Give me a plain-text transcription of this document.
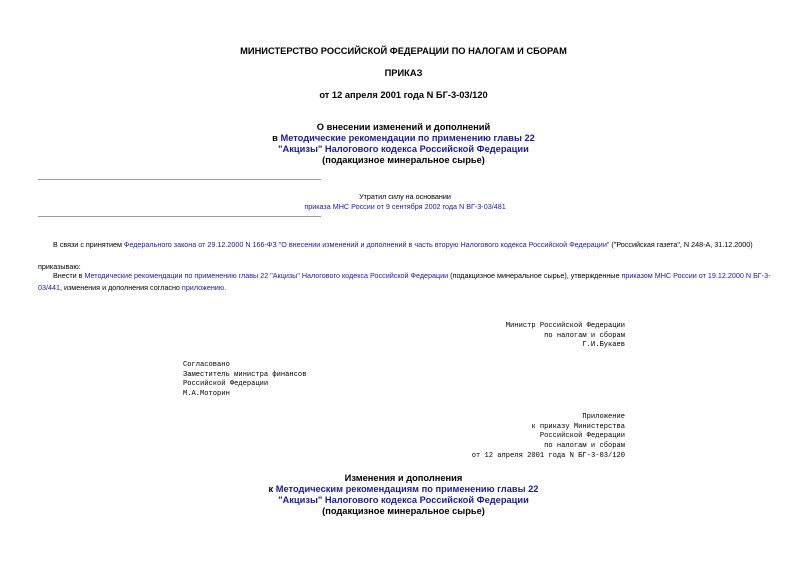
МИНИСТЕРСТВО РОССИЙСКОЙ ФЕДЕРАЦИИ ПО НАЛОГАМ И СБОРАМ
ПРИКАЗ
от 12 апреля 2001 года N БГ-3-03/120
О внесении изменений и дополнений
в Методические рекомендации по применению главы 22
"Акцизы" Налогового кодекса Российской Федерации
(подакцизное минеральное сырье)
Утратил силу на основании
приказа МНС России от 9 сентября 2002 года N ВГ-3-03/481
В связи с принятием Федерального закона от 29.12.2000 N 166-ФЗ "О внесении изменений и дополнений в часть вторую Налогового кодекса Российской Федерации" ("Российская газета", N 248-А, 31.12.2000)
приказываю:
Внести в Методические рекомендации по применению главы 22 "Акцизы" Налогового кодекса Российской Федерации (подакцизное минеральное сырье), утвержденные приказом МНС России от 19.12.2000 N БГ-3-03/441, изменения и дополнения согласно приложению.
Министр Российской Федерации
по налогам и сборам
Г.И.Букаев
Согласовано
Заместитель министра финансов
Российской Федерации
М.А.Моторин
Приложение
к приказу Министерства
Российской Федерации
по налогам и сборам
от 12 апреля 2001 года N БГ-3-03/120
Изменения и дополнения
к Методическим рекомендациям по применению главы 22
"Акцизы" Налогового кодекса Российской Федерации
(подакцизное минеральное сырье)
